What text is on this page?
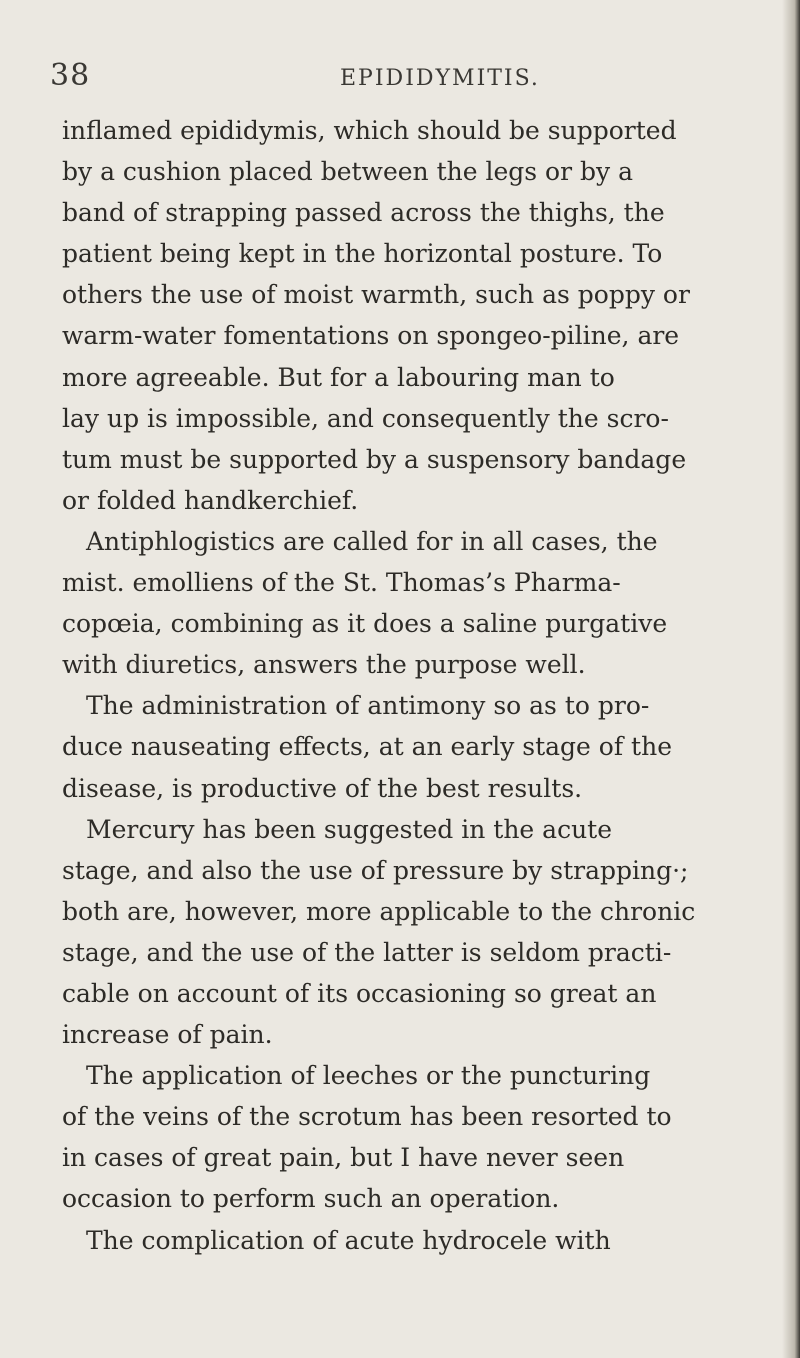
38	EPIDIDYMITIS.

inflamed epididymis, which should be supported
by a cushion placed between the legs or by a
band of strapping passed across the thighs, the
patient being kept in the horizontal posture. To
others the use of moist warmth, such as poppy or
warm-water fomentations on spongeo-piline, are
more agreeable. But for a labouring man to
lay up is impossible, and consequently the scro-
tum must be supported by a suspensory bandage
or folded handkerchief.
Antiphlogistics are called for in all cases, the
mist. emolliens of the St. Thomas’s Pharma-
copœia, combining as it does a saline purgative
with diuretics, answers the purpose well.
The administration of antimony so as to pro-
duce nauseating effects, at an early stage of the
disease, is productive of the best results.
Mercury has been suggested in the acute
stage, and also the use of pressure by strapping·;
both are, however, more applicable to the chronic
stage, and the use of the latter is seldom practi-
cable on account of its occasioning so great an
increase of pain.
The application of leeches or the puncturing
of the veins of the scrotum has been resorted to
in cases of great pain, but I have never seen
occasion to perform such an operation.
The complication of acute hydrocele with
